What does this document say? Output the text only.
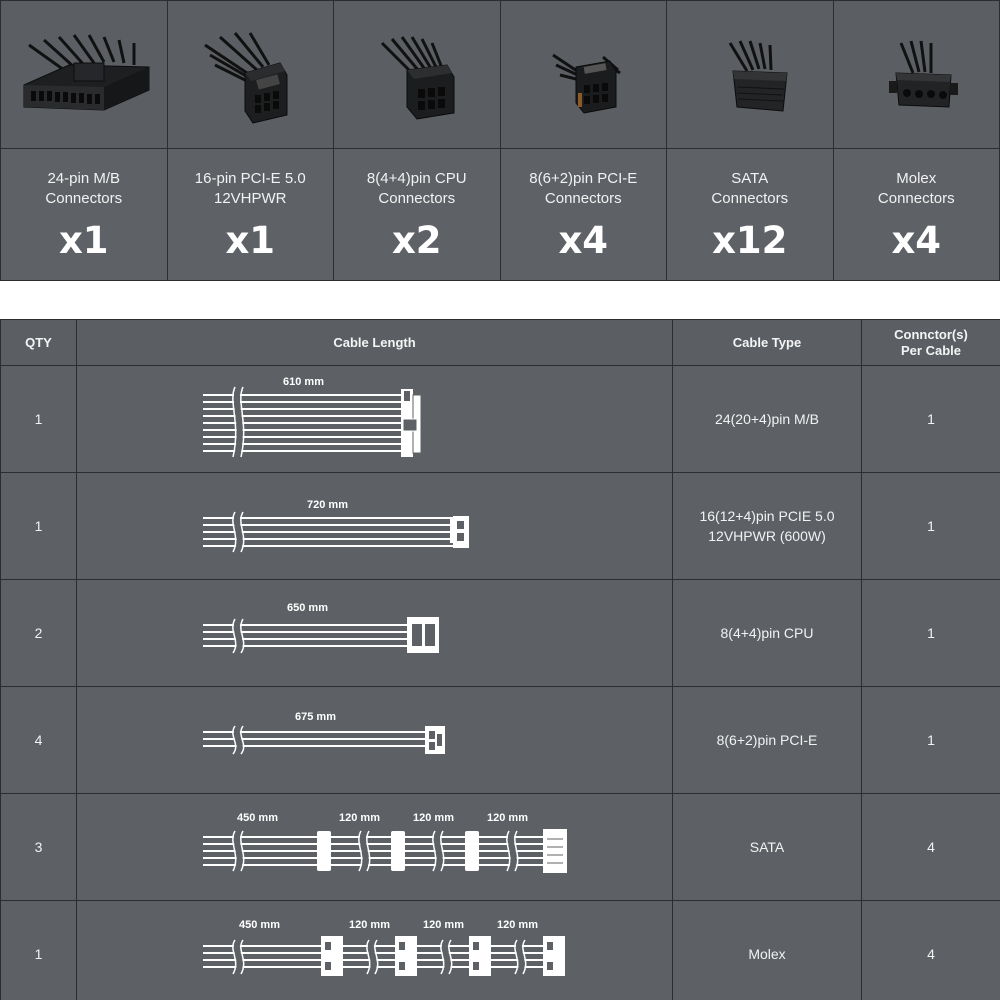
24-pin M/B
Connectors
x1
16-pin PCI-E 5.0
12VHPWR
x1
8(4+4)pin CPU
Connectors
x2
8(6+2)pin PCI-E
Connectors
x4
SATA
Connectors
x12
Molex
Connectors
x4
QTY	Cable Length	Cable Type	Connctor(s)
Per Cable

1	610 mm	24(20+4)pin M/B	1
1	720 mm	16(12+4)pin PCIE 5.0
12VHPWR (600W)	1
2	650 mm	8(4+4)pin CPU	1
4	675 mm	8(6+2)pin PCI-E	1
3	450 mm 120 mm 120 mm 120 mm	SATA	4
1	450 mm 120 mm 120 mm 120 mm	Molex	4
